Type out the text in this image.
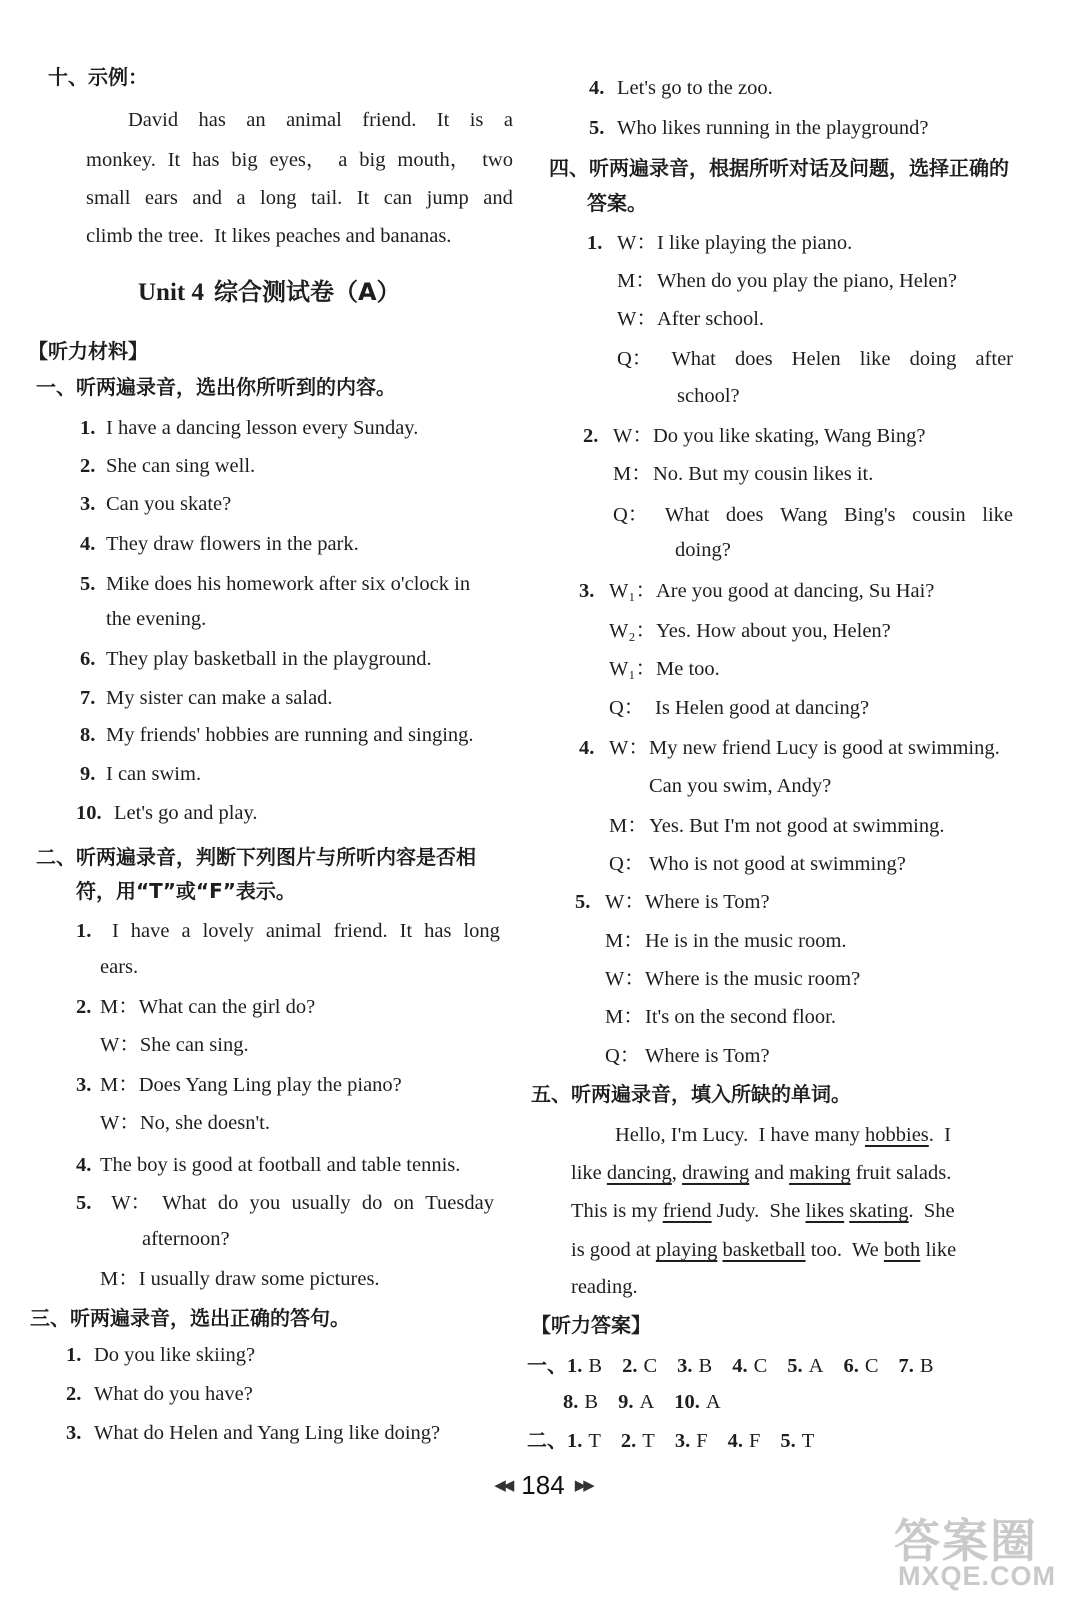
十、示例：
David has an animal friend. It is a
monkey. It has big eyes， a big mouth， two
small ears and a long tail. It can jump and
climb the tree.  It likes peaches and bananas.
Unit 4 综合测试卷 （A）
【听力材料】
一、听两遍录音，选出你所听到的内容。
1. I have a dancing lesson every Sunday.
2. She can sing well.
3. Can you skate?
4. They draw flowers in the park.
5. Mike does his homework after six o'clock in
the evening.
6. They play basketball in the playground.
7. My sister can make a salad.
8. My friends' hobbies are running and singing.
9. I can swim.
10. Let's go and play.
二、听两遍录音，判断下列图片与所听内容是否相
符，用“T”或“F”表示。
1.	I have a lovely animal friend. It has long
ears.
2. M： What can the girl do?
W： She can sing.
3. M： Does Yang Ling play the piano?
W： No, she doesn't.
4. The boy is good at football and table tennis.
5. W： What do you usually do on Tuesday
afternoon?
M： I usually draw some pictures.
三、听两遍录音，选出正确的答句。
1. Do you like skiing?
2. What do you have?
3. What do Helen and Yang Ling like doing?
4. Let's go to the zoo.
5. Who likes running in the playground?
四、听两遍录音，根据所听对话及问题，选择正确的
答案。
1. W： I like playing the piano.
M： When do you play the piano, Helen?
W： After school.
Q： What does Helen like doing after
school?
2. W： Do you like skating, Wang Bing?
M： No. But my cousin likes it.
Q： What does Wang Bing's cousin like
doing?
3. W₁： Are you good at dancing, Su Hai?
W₂： Yes. How about you, Helen?
W₁： Me too.
Q： Is Helen good at dancing?
4. W： My new friend Lucy is good at swimming.
Can you swim, Andy?
M： Yes. But I'm not good at swimming.
Q： Who is not good at swimming?
5. W： Where is Tom?
M： He is in the music room.
W： Where is the music room?
M： It's on the second floor.
Q： Where is Tom?
五、听两遍录音，填入所缺的单词。
Hello, I'm Lucy.  I have many hobbies .  I
like dancing , drawing and making fruit salads.
This is my friend Judy.  She likes
skating .  She
is good at playing
basketball too.  We both like
reading.
【听力答案】
一、 1. B 2. C 3. B 4. C 5. A 6. C 7. B
8. B 9. A 10. A
二、 1. T 2. T 3. F 4. F 5. T
◀◀ 184 ▶▶
答案圈
MXQE.COM
